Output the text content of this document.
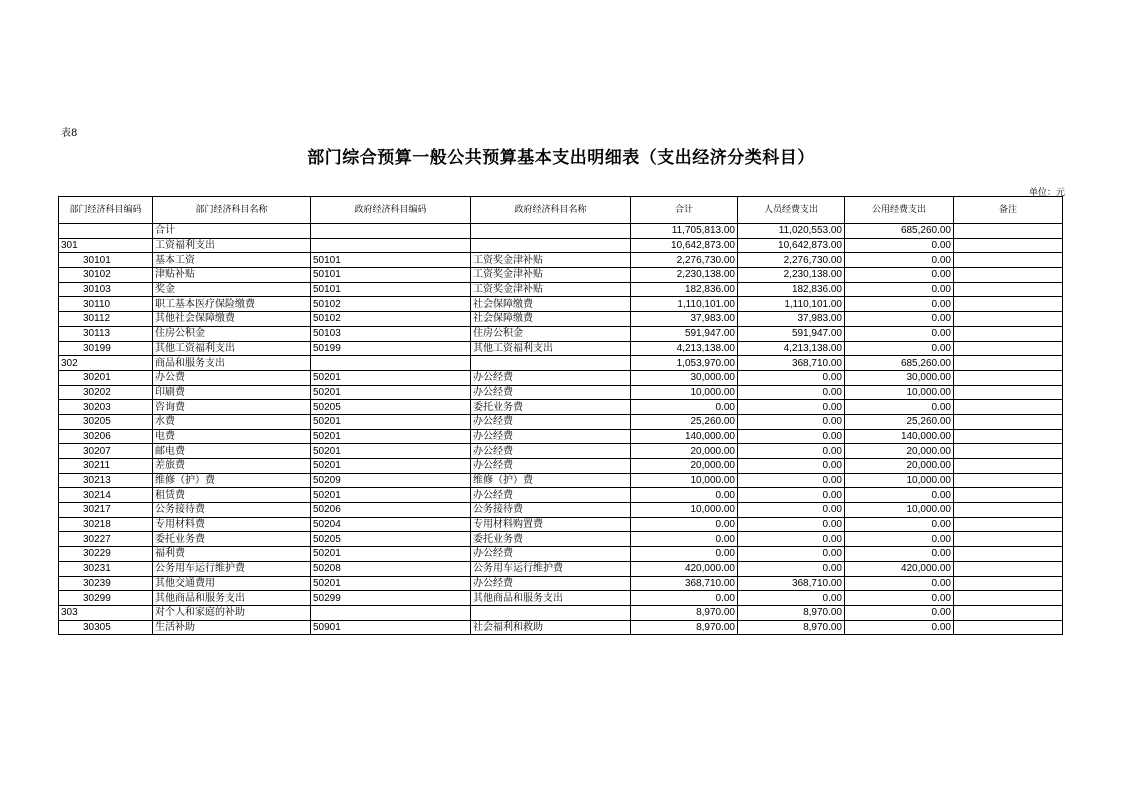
表8
部门综合预算一般公共预算基本支出明细表（支出经济分类科目）
单位：元
部门经济科目编码	部门经济科目名称	政府经济科目编码	政府经济科目名称	合计	人员经费支出	公用经费支出	备注
	合计			11,705,813.00	11,020,553.00	685,260.00	
301	工资福利支出			10,642,873.00	10,642,873.00	0.00	
30101	基本工资	50101	工资奖金津补贴	2,276,730.00	2,276,730.00	0.00	
30102	津贴补贴	50101	工资奖金津补贴	2,230,138.00	2,230,138.00	0.00	
30103	奖金	50101	工资奖金津补贴	182,836.00	182,836.00	0.00	
30110	职工基本医疗保险缴费	50102	社会保障缴费	1,110,101.00	1,110,101.00	0.00	
30112	其他社会保障缴费	50102	社会保障缴费	37,983.00	37,983.00	0.00	
30113	住房公积金	50103	住房公积金	591,947.00	591,947.00	0.00	
30199	其他工资福利支出	50199	其他工资福利支出	4,213,138.00	4,213,138.00	0.00	
302	商品和服务支出			1,053,970.00	368,710.00	685,260.00	
30201	办公费	50201	办公经费	30,000.00	0.00	30,000.00	
30202	印刷费	50201	办公经费	10,000.00	0.00	10,000.00	
30203	咨询费	50205	委托业务费	0.00	0.00	0.00	
30205	水费	50201	办公经费	25,260.00	0.00	25,260.00	
30206	电费	50201	办公经费	140,000.00	0.00	140,000.00	
30207	邮电费	50201	办公经费	20,000.00	0.00	20,000.00	
30211	差旅费	50201	办公经费	20,000.00	0.00	20,000.00	
30213	维修（护）费	50209	维修（护）费	10,000.00	0.00	10,000.00	
30214	租赁费	50201	办公经费	0.00	0.00	0.00	
30217	公务接待费	50206	公务接待费	10,000.00	0.00	10,000.00	
30218	专用材料费	50204	专用材料购置费	0.00	0.00	0.00	
30227	委托业务费	50205	委托业务费	0.00	0.00	0.00	
30229	福利费	50201	办公经费	0.00	0.00	0.00	
30231	公务用车运行维护费	50208	公务用车运行维护费	420,000.00	0.00	420,000.00	
30239	其他交通费用	50201	办公经费	368,710.00	368,710.00	0.00	
30299	其他商品和服务支出	50299	其他商品和服务支出	0.00	0.00	0.00	
303	对个人和家庭的补助			8,970.00	8,970.00	0.00	
30305	生活补助	50901	社会福利和救助	8,970.00	8,970.00	0.00	
